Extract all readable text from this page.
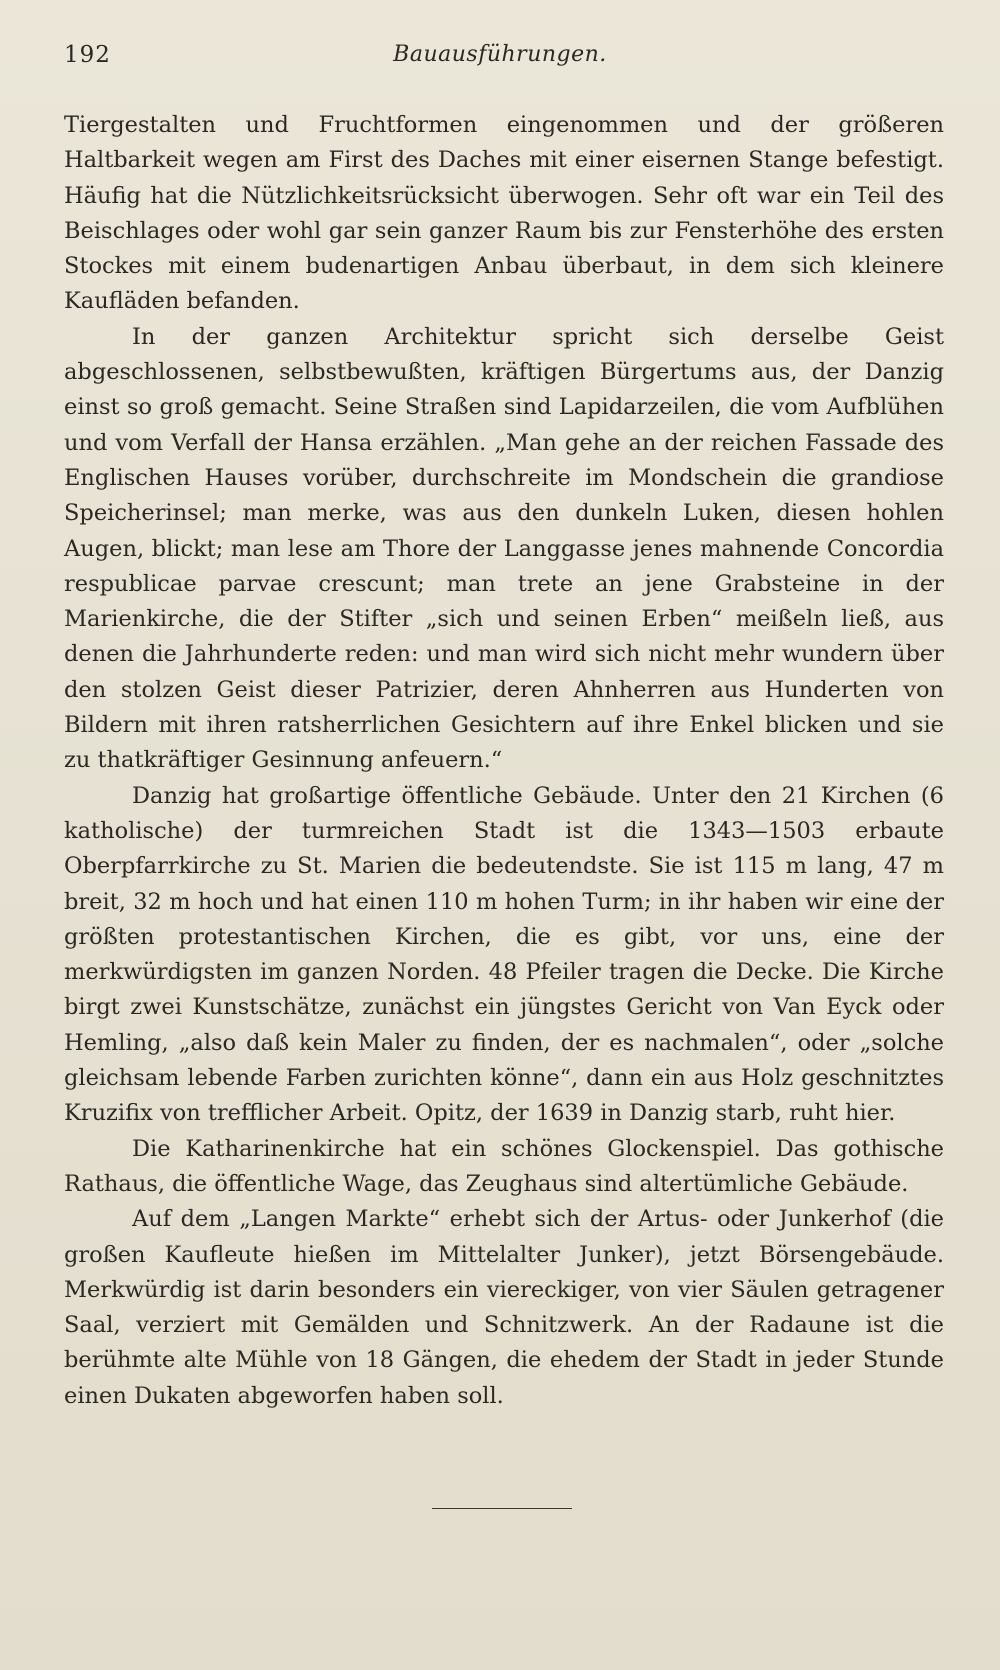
192	Bauausführungen.

Tiergestalten und Fruchtformen eingenommen und der größeren Haltbarkeit wegen am First des Daches mit einer eisernen Stange befestigt. Häufig hat die Nützlichkeitsrücksicht überwogen. Sehr oft war ein Teil des Beischlages oder wohl gar sein ganzer Raum bis zur Fensterhöhe des ersten Stockes mit einem budenartigen Anbau überbaut, in dem sich kleinere Kaufläden befanden.

In der ganzen Architektur spricht sich derselbe Geist abgeschlossenen, selbstbewußten, kräftigen Bürgertums aus, der Danzig einst so groß gemacht. Seine Straßen sind Lapidarzeilen, die vom Aufblühen und vom Verfall der Hansa erzählen. „Man gehe an der reichen Fassade des Englischen Hauses vorüber, durchschreite im Mondschein die grandiose Speicherinsel; man merke, was aus den dunkeln Luken, diesen hohlen Augen, blickt; man lese am Thore der Langgasse jenes mahnende Concordia respublicae parvae crescunt; man trete an jene Grabsteine in der Marienkirche, die der Stifter „sich und seinen Erben“ meißeln ließ, aus denen die Jahrhunderte reden: und man wird sich nicht mehr wundern über den stolzen Geist dieser Patrizier, deren Ahnherren aus Hunderten von Bildern mit ihren ratsherrlichen Gesichtern auf ihre Enkel blicken und sie zu thatkräftiger Gesinnung anfeuern.“

Danzig hat großartige öffentliche Gebäude. Unter den 21 Kirchen (6 katholische) der turmreichen Stadt ist die 1343—1503 erbaute Oberpfarrkirche zu St. Marien die bedeutendste. Sie ist 115 m lang, 47 m breit, 32 m hoch und hat einen 110 m hohen Turm; in ihr haben wir eine der größten protestantischen Kirchen, die es gibt, vor uns, eine der merkwürdigsten im ganzen Norden. 48 Pfeiler tragen die Decke. Die Kirche birgt zwei Kunstschätze, zunächst ein jüngstes Gericht von Van Eyck oder Hemling, „also daß kein Maler zu finden, der es nachmalen“, oder „solche gleichsam lebende Farben zurichten könne“, dann ein aus Holz geschnitztes Kruzifix von trefflicher Arbeit. Opitz, der 1639 in Danzig starb, ruht hier.

Die Katharinenkirche hat ein schönes Glockenspiel. Das gothische Rathaus, die öffentliche Wage, das Zeughaus sind altertümliche Gebäude.

Auf dem „Langen Markte“ erhebt sich der Artus- oder Junkerhof (die großen Kaufleute hießen im Mittelalter Junker), jetzt Börsengebäude. Merkwürdig ist darin besonders ein viereckiger, von vier Säulen getragener Saal, verziert mit Gemälden und Schnitzwerk. An der Radaune ist die berühmte alte Mühle von 18 Gängen, die ehedem der Stadt in jeder Stunde einen Dukaten abgeworfen haben soll.
